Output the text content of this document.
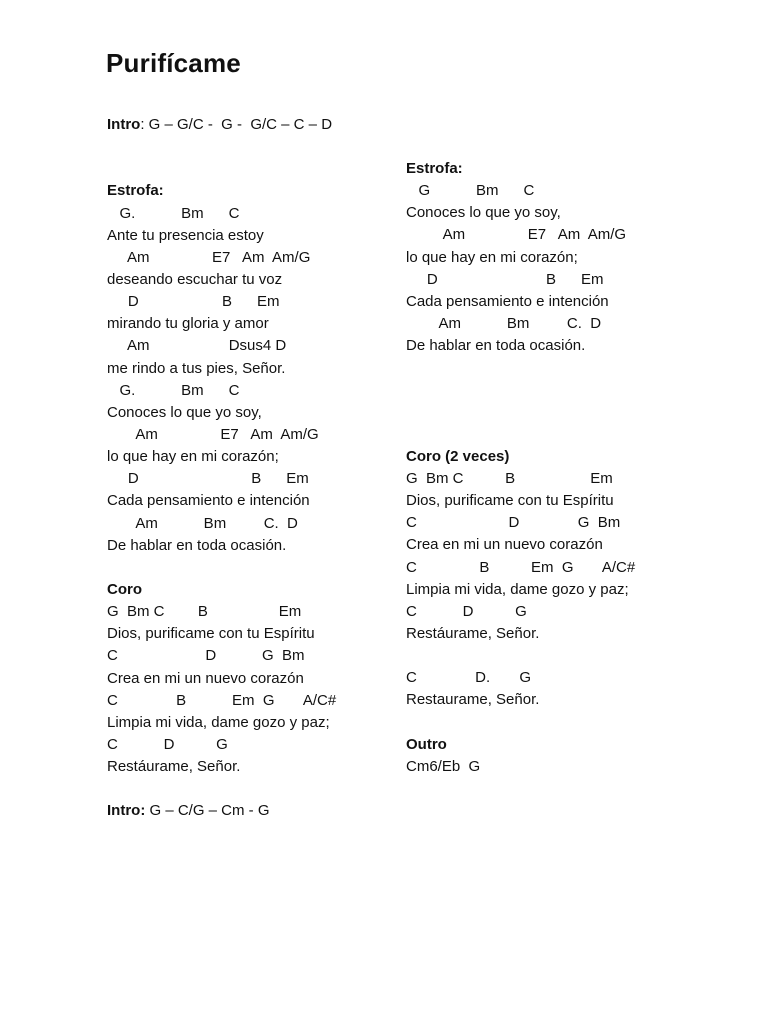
Purifícame
Intro: G – G/C -  G -  G/C – C – D
Estrofa:
G.           Bm      C
Ante tu presencia estoy
Am               E7   Am  Am/G
deseando escuchar tu voz
D                    B      Em
mirando tu gloria y amor
Am                   Dsus4 D
me rindo a tus pies, Señor.
G.           Bm      C
Conoces lo que yo soy,
Am               E7   Am  Am/G
lo que hay en mi corazón;
D                           B      Em
Cada pensamiento e intención
Am           Bm         C.  D
De hablar en toda ocasión.
Coro
G  Bm C        B                 Em
Dios, purificame con tu Espíritu
C                     D           G  Bm
Crea en mi un nuevo corazón
C              B           Em  G       A/C#
Limpia mi vida, dame gozo y paz;
C           D          G
Restáurame, Señor.
Intro: G – C/G – Cm - G
Estrofa:
G           Bm      C
Conoces lo que yo soy,
Am               E7   Am  Am/G
lo que hay en mi corazón;
D                          B      Em
Cada pensamiento e intención
Am           Bm         C.  D
De hablar en toda ocasión.
Coro (2 veces)
G  Bm C          B                  Em
Dios, purificame con tu Espíritu
C                      D              G  Bm
Crea en mi un nuevo corazón
C               B          Em  G       A/C#
Limpia mi vida, dame gozo y paz;
C           D          G
Restáurame, Señor.
C              D.       G
Restaurame, Señor.
Outro
Cm6/Eb  G
